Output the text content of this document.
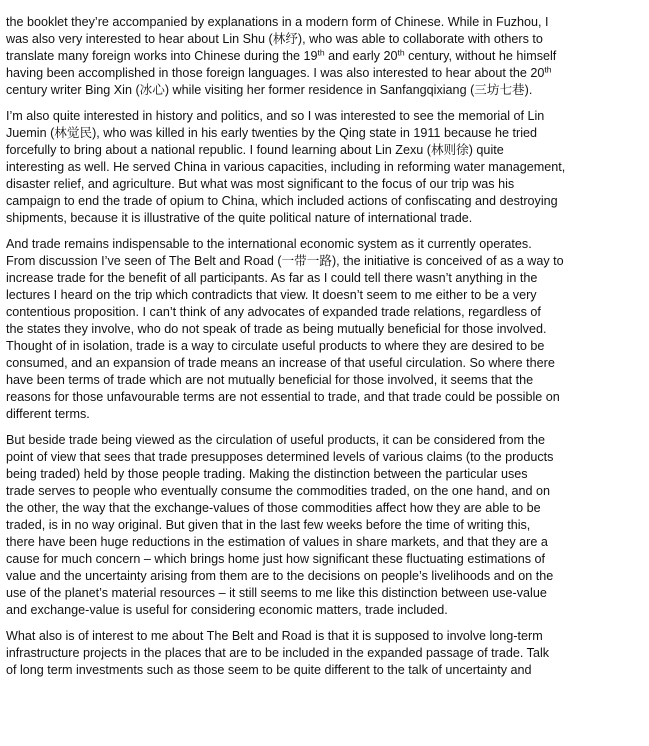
the booklet they’re accompanied by explanations in a modern form of Chinese. While in Fuzhou, I
was also very interested to hear about Lin Shu (林纾), who was able to collaborate with others to
translate many foreign works into Chinese during the 19th and early 20th century, without he himself
having been accomplished in those foreign languages. I was also interested to hear about the 20th
century writer Bing Xin (冰心) while visiting her former residence in Sanfangqixiang (三坊七巷).

I’m also quite interested in history and politics, and so I was interested to see the memorial of Lin
Juemin (林觉民), who was killed in his early twenties by the Qing state in 1911 because he tried
forcefully to bring about a national republic. I found learning about Lin Zexu (林则徐) quite
interesting as well. He served China in various capacities, including in reforming water management,
disaster relief, and agriculture. But what was most significant to the focus of our trip was his
campaign to end the trade of opium to China, which included actions of confiscating and destroying
shipments, because it is illustrative of the quite political nature of international trade.

And trade remains indispensable to the international economic system as it currently operates.
From discussion I’ve seen of The Belt and Road (一带一路), the initiative is conceived of as a way to
increase trade for the benefit of all participants. As far as I could tell there wasn’t anything in the
lectures I heard on the trip which contradicts that view. It doesn’t seem to me either to be a very
contentious proposition. I can’t think of any advocates of expanded trade relations, regardless of
the states they involve, who do not speak of trade as being mutually beneficial for those involved.
Thought of in isolation, trade is a way to circulate useful products to where they are desired to be
consumed, and an expansion of trade means an increase of that useful circulation. So where there
have been terms of trade which are not mutually beneficial for those involved, it seems that the
reasons for those unfavourable terms are not essential to trade, and that trade could be possible on
different terms.

But beside trade being viewed as the circulation of useful products, it can be considered from the
point of view that sees that trade presupposes determined levels of various claims (to the products
being traded) held by those people trading. Making the distinction between the particular uses
trade serves to people who eventually consume the commodities traded, on the one hand, and on
the other, the way that the exchange-values of those commodities affect how they are able to be
traded, is in no way original. But given that in the last few weeks before the time of writing this,
there have been huge reductions in the estimation of values in share markets, and that they are a
cause for much concern – which brings home just how significant these fluctuating estimations of
value and the uncertainty arising from them are to the decisions on people’s livelihoods and on the
use of the planet’s material resources – it still seems to me like this distinction between use-value
and exchange-value is useful for considering economic matters, trade included.

What also is of interest to me about The Belt and Road is that it is supposed to involve long-term
infrastructure projects in the places that are to be included in the expanded passage of trade. Talk
of long term investments such as those seem to be quite different to the talk of uncertainty and
